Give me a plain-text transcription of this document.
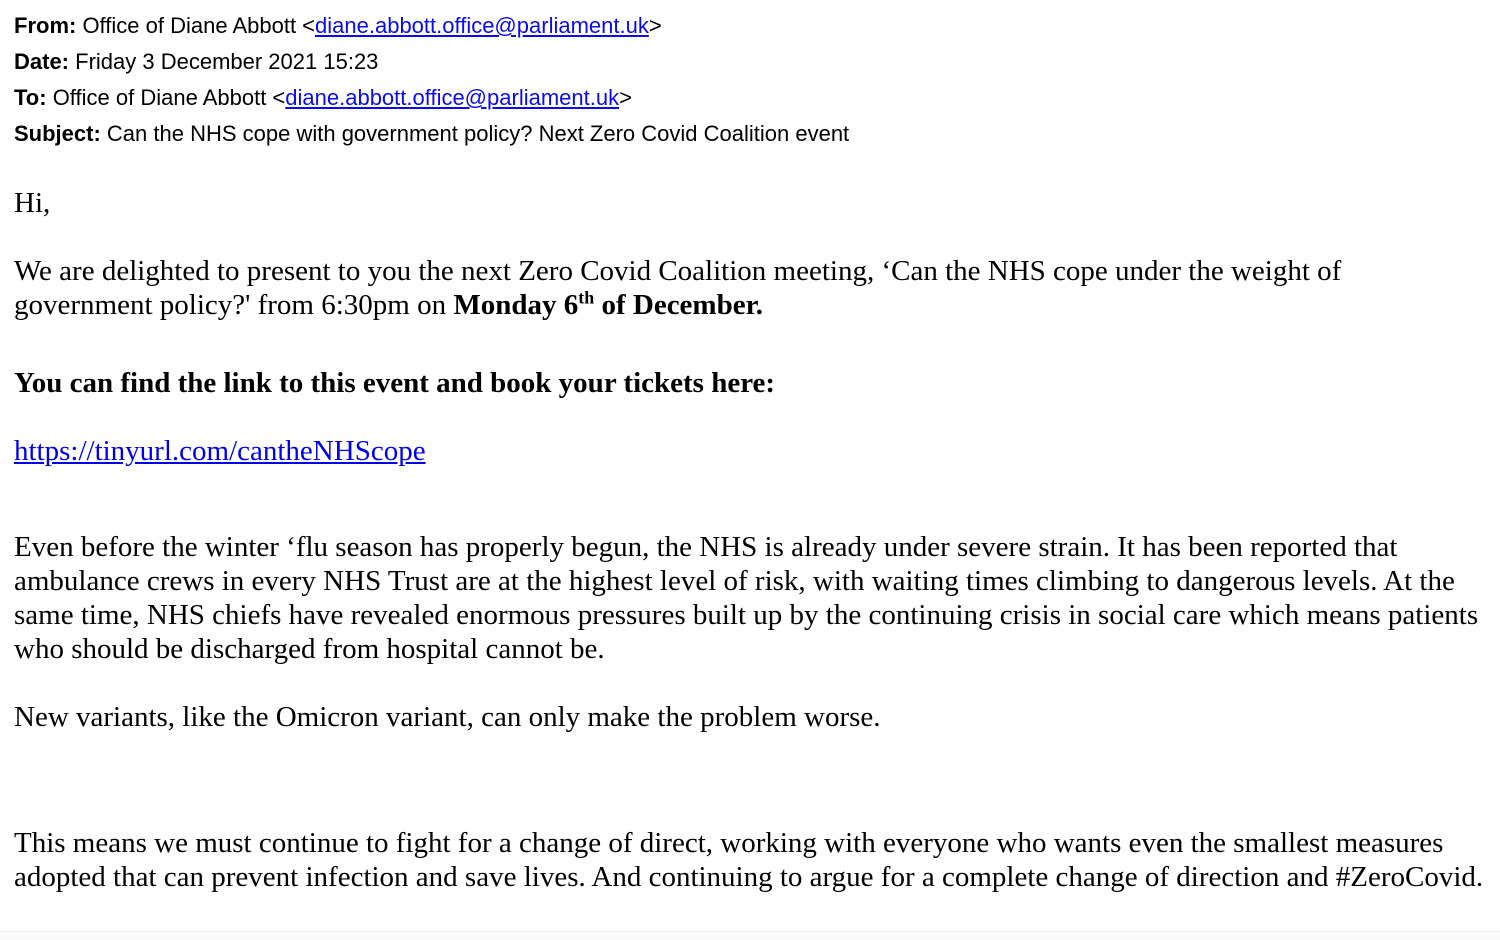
From: Office of Diane Abbott <diane.abbott.office@parliament.uk>
Date: Friday 3 December 2021 15:23
To: Office of Diane Abbott <diane.abbott.office@parliament.uk>
Subject: Can the NHS cope with government policy? Next Zero Covid Coalition event

Hi,

We are delighted to present to you the next Zero Covid Coalition meeting, ‘Can the NHS cope under the weight of government policy?' from 6:30pm on Monday 6th of December.

You can find the link to this event and book your tickets here:

https://tinyurl.com/cantheNHScope

Even before the winter ‘flu season has properly begun, the NHS is already under severe strain. It has been reported that ambulance crews in every NHS Trust are at the highest level of risk, with waiting times climbing to dangerous levels. At the same time, NHS chiefs have revealed enormous pressures built up by the continuing crisis in social care which means patients who should be discharged from hospital cannot be.

New variants, like the Omicron variant, can only make the problem worse.

This means we must continue to fight for a change of direct, working with everyone who wants even the smallest measures adopted that can prevent infection and save lives. And continuing to argue for a complete change of direction and #ZeroCovid.
